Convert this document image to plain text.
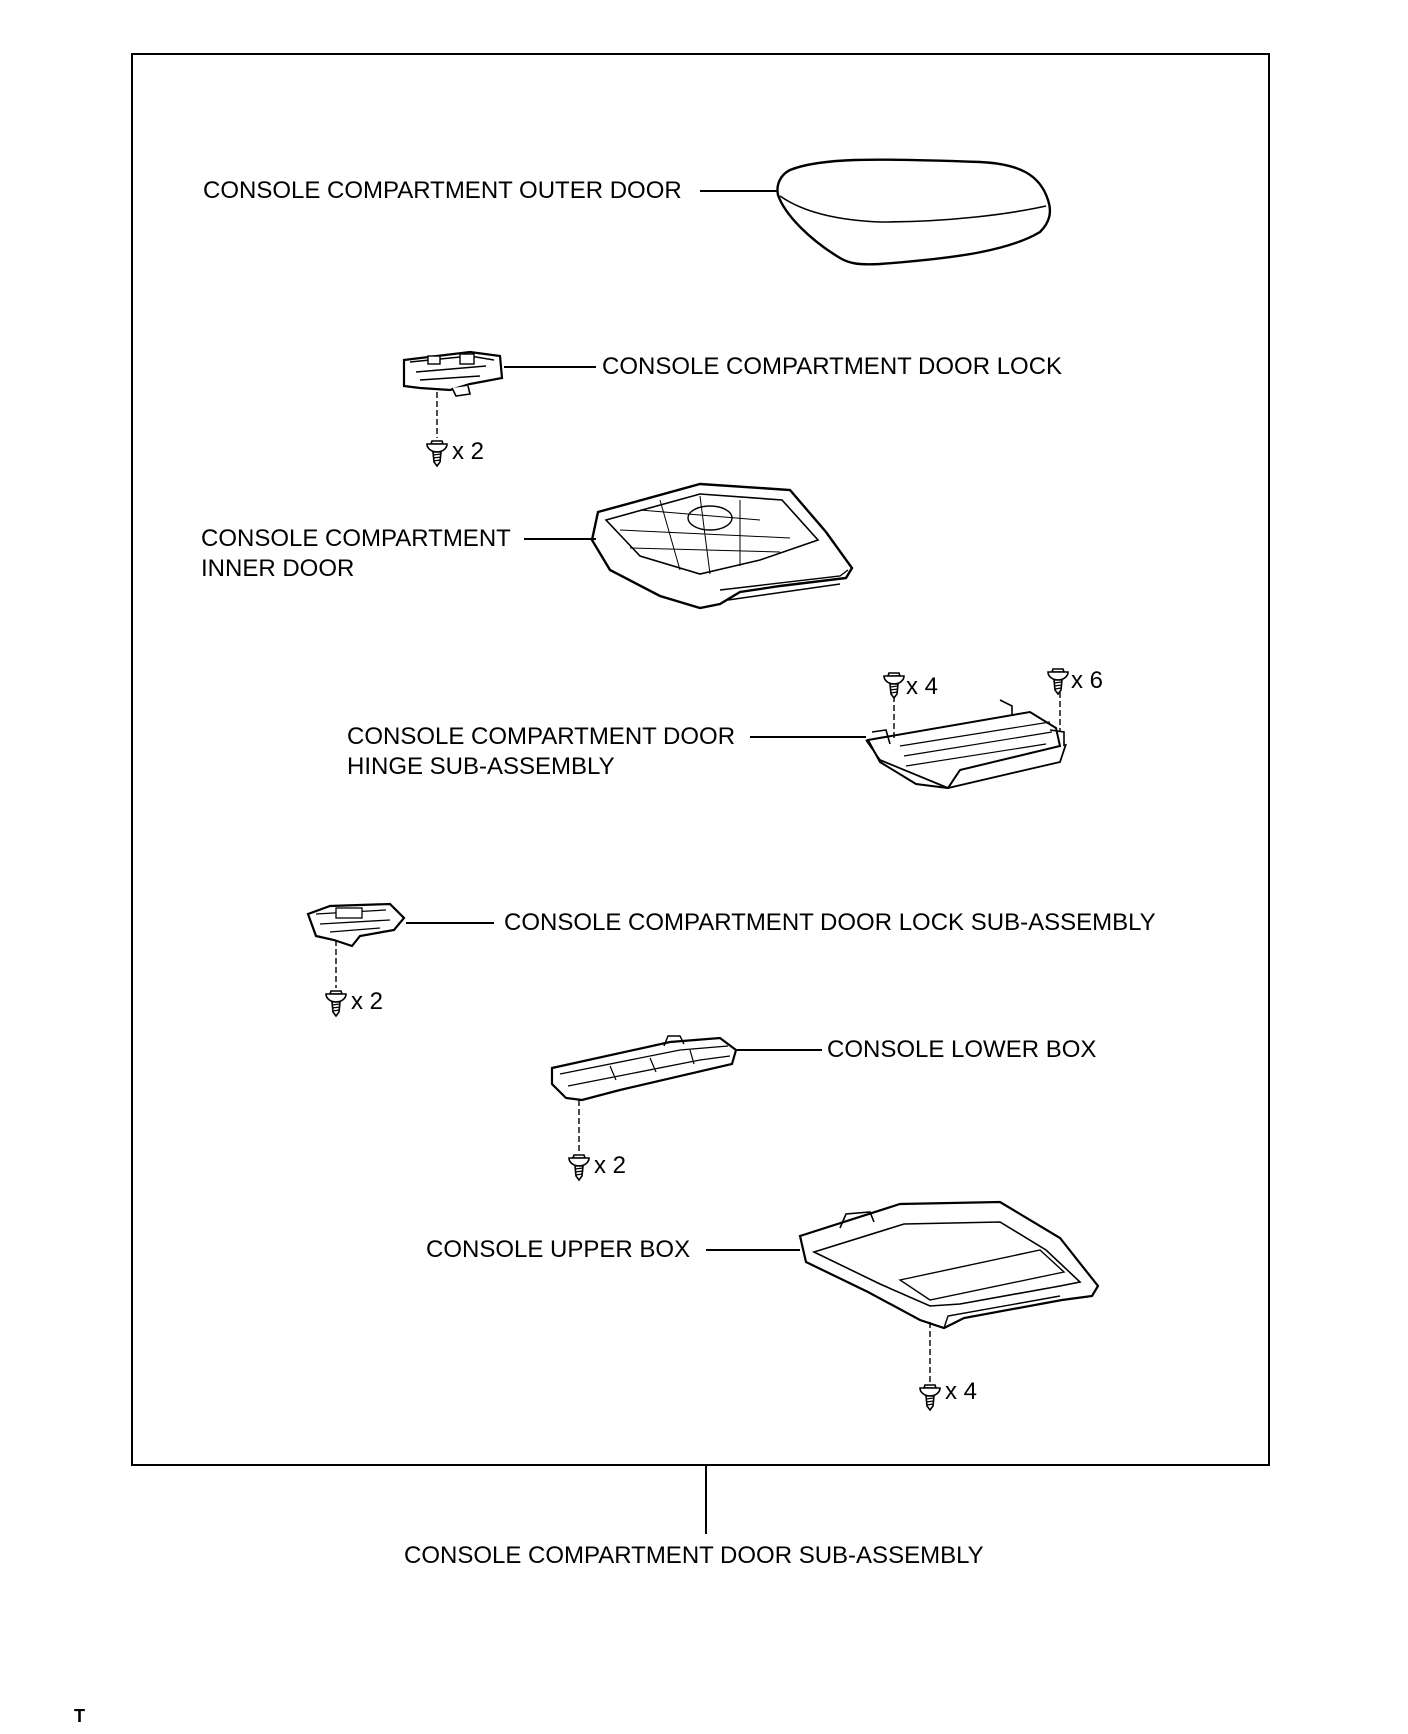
CONSOLE COMPARTMENT OUTER DOOR
CONSOLE COMPARTMENT DOOR LOCK
CONSOLE COMPARTMENT
INNER DOOR
CONSOLE COMPARTMENT DOOR
HINGE SUB-ASSEMBLY
CONSOLE COMPARTMENT DOOR LOCK SUB-ASSEMBLY
CONSOLE LOWER BOX
CONSOLE UPPER BOX
CONSOLE COMPARTMENT DOOR SUB-ASSEMBLY
x 2
x 4	x 6
x 2
x 2
x 4
T
